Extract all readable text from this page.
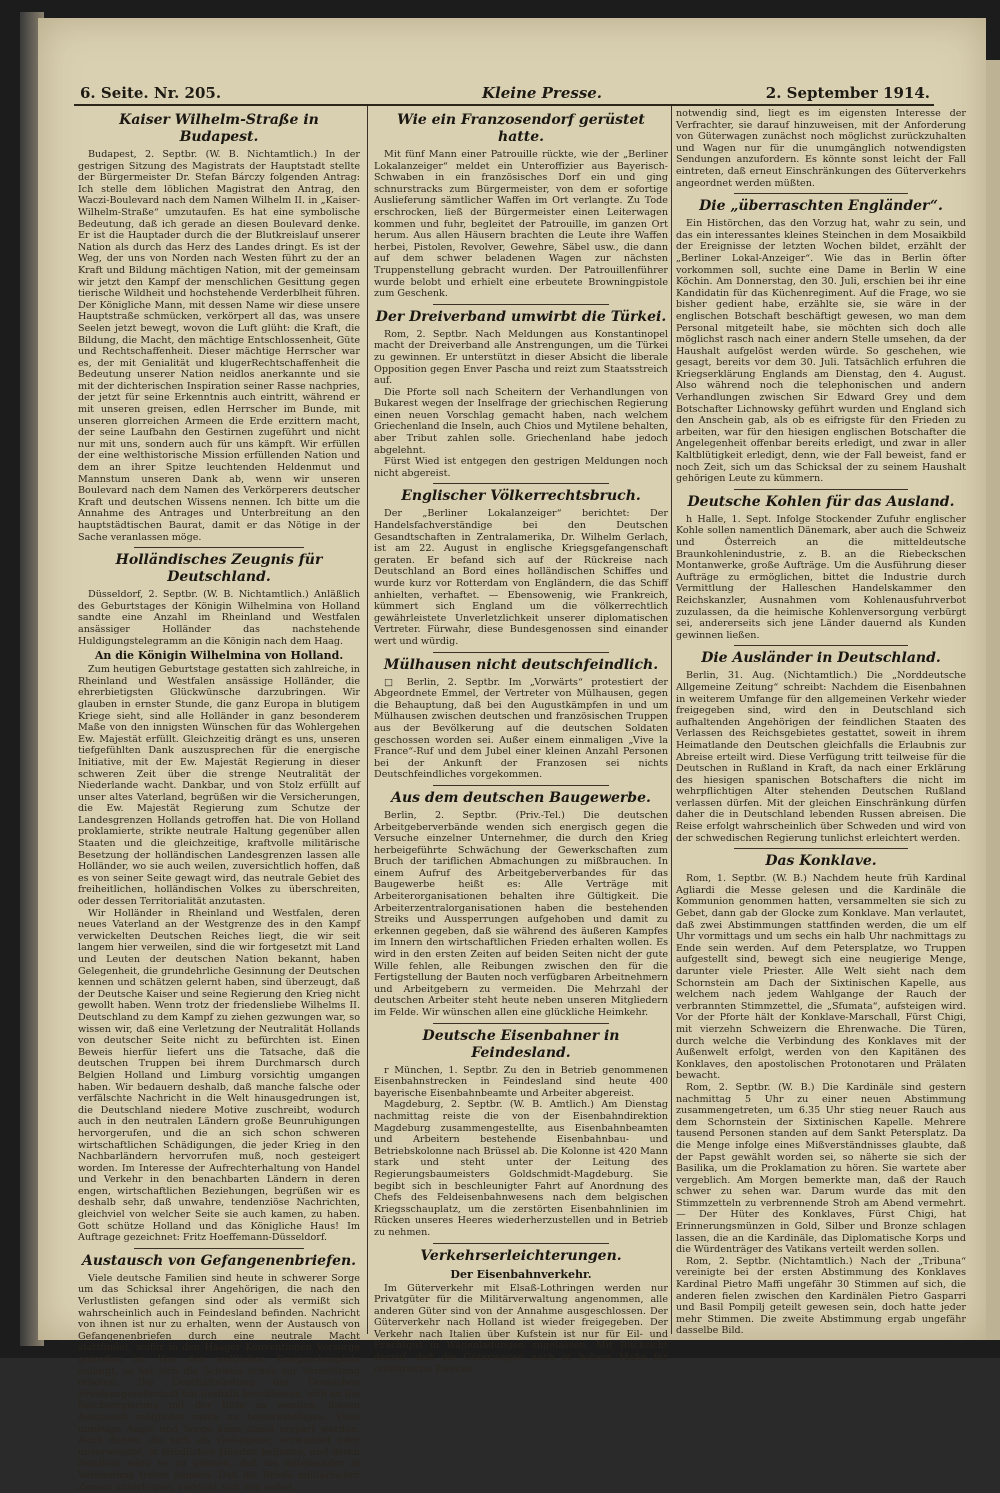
6. Seite. Nr. 205.	Kleine Presse.	2. September 1914.
Kaiser Wilhelm-Straße in Budapest.

Budapest, 2. Septbr. (W. B. Nichtamtlich.) In der gestrigen Sitzung des Magistrats der Hauptstadt stellte der Bürgermeister Dr. Stefan Bárczy folgenden Antrag: Ich stelle dem löblichen Magistrat den Antrag, den Waczi-Boulevard nach dem Namen Wilhelm II. in „Kaiser-Wilhelm-Straße“ umzutaufen. Es hat eine symbolische Bedeutung, daß ich gerade an diesen Boulevard denke. Er ist die Hauptader durch die der Blutkreislauf unserer Nation als durch das Herz des Landes dringt. Es ist der Weg, der uns von Norden nach Westen führt zu der an Kraft und Bildung mächtigen Nation, mit der gemeinsam wir jetzt den Kampf der menschlichen Gesittung gegen tierische Wildheit und hochstehende Verderblheit führen. Der Königliche Mann, mit dessen Name wir diese unsere Hauptstraße schmücken, verkörpert all das, was unsere Seelen jetzt bewegt, wovon die Luft glüht: die Kraft, die Bildung, die Macht, den mächtige Entschlossenheit, Güte und Rechtschaffenheit. Dieser mächtige Herrscher war es, der mit Genialität und klugerRechtschaffenheit die Bedeutung unserer Nation neidlos anerkannte und sie mit der dichterischen Inspiration seiner Rasse nachpries, der jetzt für seine Erkenntnis auch eintritt, während er mit unseren greisen, edlen Herrscher im Bunde, mit unseren glorreichen Armeen die Erde erzittern macht, der seine Laufbahn den Gestirnen zugeführt und nicht nur mit uns, sondern auch für uns kämpft. Wir erfüllen der eine welthistorische Mission erfüllenden Nation und dem an ihrer Spitze leuchtenden Heldenmut und Mannstum unseren Dank ab, wenn wir unseren Boulevard nach dem Namen des Verkörperers deutscher Kraft und deutschen Wissens nennen. Ich bitte um die Annahme des Antrages und Unterbreitung an den hauptstädtischen Baurat, damit er das Nötige in der Sache veranlassen möge.

Holländisches Zeugnis für Deutschland.

Düsseldorf, 2. Septbr. (W. B. Nichtamtlich.) Anläßlich des Geburtstages der Königin Wilhelmina von Holland sandte eine Anzahl im Rheinland und Westfalen ansässiger Holländer das nachstehende Huldigungstelegramm an die Königin nach dem Haag.

An die Königin Wilhelmina von Holland.

Zum heutigen Geburtstage gestatten sich zahlreiche, in Rheinland und Westfalen ansässige Holländer, die ehrerbietigsten Glückwünsche darzubringen. Wir glauben in ernster Stunde, die ganz Europa in blutigem Kriege sieht, sind alle Holländer in ganz besonderem Maße von den innigsten Wünschen für das Wohlergehen Ew. Majestät erfüllt. Gleichzeitig drängt es uns, unseren tiefgefühlten Dank auszusprechen für die energische Initiative, mit der Ew. Majestät Regierung in dieser schweren Zeit über die strenge Neutralität der Niederlande wacht. Dankbar, und von Stolz erfüllt auf unser altes Vaterland, begrüßen wir die Versicherungen, die Ew. Majestät Regierung zum Schutze der Landesgrenzen Hollands getroffen hat. Die von Holland proklamierte, strikte neutrale Haltung gegenüber allen Staaten und die gleichzeitige, kraftvolle militärische Besetzung der holländischen Landesgrenzen lassen alle Holländer, wo sie auch weilen, zuversichtlich hoffen, daß es von seiner Seite gewagt wird, das neutrale Gebiet des freiheitlichen, holländischen Volkes zu überschreiten, oder dessen Territorialität anzutasten.

Wir Holländer in Rheinland und Westfalen, deren neues Vaterland an der Westgrenze des in den Kampf verwickelten Deutschen Reiches liegt, die wir seit langem hier verweilen, sind die wir fortgesetzt mit Land und Leuten der deutschen Nation bekannt, haben Gelegenheit, die grundehrliche Gesinnung der Deutschen kennen und schätzen gelernt haben, sind überzeugt, daß der Deutsche Kaiser und seine Regierung den Krieg nicht gewollt haben. Wenn trotz der friedensliebe Wilhelms II. Deutschland zu dem Kampf zu ziehen gezwungen war, so wissen wir, daß eine Verletzung der Neutralität Hollands von deutscher Seite nicht zu befürchten ist. Einen Beweis hierfür liefert uns die Tatsache, daß die deutschen Truppen bei ihrem Durchmarsch durch Belgien Holland und Limburg vorsichtig umgangen haben. Wir bedauern deshalb, daß manche falsche oder verfälschte Nachricht in die Welt hinausgedrungen ist, die Deutschland niedere Motive zuschreibt, wodurch auch in den neutralen Ländern große Beunruhigungen hervorgerufen, und die an sich schon schweren wirtschaftlichen Schädigungen, die jeder Krieg in den Nachbarländern hervorrufen muß, noch gesteigert worden. Im Interesse der Aufrechterhaltung von Handel und Verkehr in den benachbarten Ländern in deren engen, wirtschaftlichen Beziehungen, begrüßen wir es deshalb sehr, daß unwahre, tendenziöse Nachrichten, gleichviel von welcher Seite sie auch kamen, zu haben. Gott schütze Holland und das Königliche Haus! Im Auftrage gezeichnet: Fritz Hoeffemann-Düsseldorf.

Austausch von Gefangenenbriefen.

Viele deutsche Familien sind heute in schwerer Sorge um das Schicksal ihrer Angehörigen, die nach den Verlustlisten gefangen sind oder als vermißt sich wahrscheinlich auch in Feindesland befinden. Nachricht von ihnen ist nur zu erhalten, wenn der Austausch von Gefangenenbriefen durch eine neutrale Macht stattfindet, wofür in den Haager Konventionen Vorsorge getroffen ist. Was den weltlichen Kriegsschauplatz anlangt, so hat sich die Schweiz schon zur Vermittlung erboten. Die Geschäftsleitung der Deutschen Friedensgesellschaft hat deshalb beschlossen, sich an die Reichsregierung mit der Bitte zu wenden, diesen Austausch möglichst rasch zu bewerkstelligen. Viele unnötige Angst und Sorge kann damit erspart werden. Auch denen, die sich als Gefangene, verwundet oder unverwundet, in feindlichen Händen befinden, und deren Familien wäre es zu gönnen, daß sie miteinander in Verbindung treten können. Daß die Briefe militärischer Zensur unterliegen, versteht sich von selbst.

Wie ein Franzosendorf gerüstet hatte.

Mit fünf Mann einer Patrouille rückte, wie der „Berliner Lokalanzeiger“ meldet ein Unteroffizier aus Bayerisch-Schwaben in ein französisches Dorf ein und ging schnurstracks zum Bürgermeister, von dem er sofortige Auslieferung sämtlicher Waffen im Ort verlangte. Zu Tode erschrocken, ließ der Bürgermeister einen Leiterwagen kommen und fuhr, begleitet der Patrouille, im ganzen Ort herum. Aus allen Häusern brachten die Leute ihre Waffen herbei, Pistolen, Revolver, Gewehre, Säbel usw., die dann auf dem schwer beladenen Wagen zur nächsten Truppenstellung gebracht wurden. Der Patrouillenführer wurde belobt und erhielt eine erbeutete Browningpistole zum Geschenk.

Der Dreiverband umwirbt die Türkei.

Rom, 2. Septbr. Nach Meldungen aus Konstantinopel macht der Dreiverband alle Anstrengungen, um die Türkei zu gewinnen. Er unterstützt in dieser Absicht die liberale Opposition gegen Enver Pascha und reizt zum Staatsstreich auf.

Die Pforte soll nach Scheitern der Verhandlungen von Bukarest wegen der Inselfrage der griechischen Regierung einen neuen Vorschlag gemacht haben, nach welchem Griechenland die Inseln, auch Chios und Mytilene behalten, aber Tribut zahlen solle. Griechenland habe jedoch abgelehnt.

Fürst Wied ist entgegen den gestrigen Meldungen noch nicht abgereist.

Englischer Völkerrechtsbruch.

Der „Berliner Lokalanzeiger“ berichtet: Der Handelsfachverständige bei den Deutschen Gesandtschaften in Zentralamerika, Dr. Wilhelm Gerlach, ist am 22. August in englische Kriegsgefangenschaft geraten. Er befand sich auf der Rückreise nach Deutschland an Bord eines holländischen Schiffes und wurde kurz vor Rotterdam von Engländern, die das Schiff anhielten, verhaftet. — Ebensowenig, wie Frankreich, kümmert sich England um die völkerrechtlich gewährleistete Unverletzlichkeit unserer diplomatischen Vertreter. Fürwahr, diese Bundesgenossen sind einander wert und würdig.

Mülhausen nicht deutschfeindlich.

□ Berlin, 2. Septbr. Im „Vorwärts“ protestiert der Abgeordnete Emmel, der Vertreter von Mülhausen, gegen die Behauptung, daß bei den Augustkämpfen in und um Mülhausen zwischen deutschen und französischen Truppen aus der Bevölkerung auf die deutschen Soldaten geschossen worden sei. Außer einem einmaligen „Vive la France“-Ruf und dem Jubel einer kleinen Anzahl Personen bei der Ankunft der Franzosen sei nichts Deutschfeindliches vorgekommen.

Aus dem deutschen Baugewerbe.

Berlin, 2. Septbr. (Priv.-Tel.) Die deutschen Arbeitgeberverbände wenden sich energisch gegen die Versuche einzelner Unternehmer, die durch den Krieg herbeigeführte Schwächung der Gewerkschaften zum Bruch der tariflichen Abmachungen zu mißbrauchen. In einem Aufruf des Arbeitgeberverbandes für das Baugewerbe heißt es: Alle Verträge mit Arbeiterorganisationen behalten ihre Gültigkeit. Die Arbeiterzentralorganisationen haben die bestehenden Streiks und Aussperrungen aufgehoben und damit zu erkennen gegeben, daß sie während des äußeren Kampfes im Innern den wirtschaftlichen Frieden erhalten wollen. Es wird in den ersten Zeiten auf beiden Seiten nicht der gute Wille fehlen, alle Reibungen zwischen den für die Fertigstellung der Bauten noch verfügbaren Arbeitnehmern und Arbeitgebern zu vermeiden. Die Mehrzahl der deutschen Arbeiter steht heute neben unseren Mitgliedern im Felde. Wir wünschen allen eine glückliche Heimkehr.

Deutsche Eisenbahner in Feindesland.

r München, 1. Septbr. Zu den in Betrieb genommenen Eisenbahnstrecken in Feindesland sind heute 400 bayerische Eisenbahnbeamte und Arbeiter abgereist.

Magdeburg, 2. Septbr. (W. B. Amtlich.) Am Dienstag nachmittag reiste die von der Eisenbahndirektion Magdeburg zusammengestellte, aus Eisenbahnbeamten und Arbeitern bestehende Eisenbahnbau- und Betriebskolonne nach Brüssel ab. Die Kolonne ist 420 Mann stark und steht unter der Leitung des Regierungsbaumeisters Goldschmidt-Magdeburg. Sie begibt sich in beschleunigter Fahrt auf Anordnung des Chefs des Feldeisenbahnwesens nach dem belgischen Kriegsschauplatz, um die zerstörten Eisenbahnlinien im Rücken unseres Heeres wiederherzustellen und in Betrieb zu nehmen.

Verkehrserleichterungen.
Der Eisenbahnverkehr.

Im Güterverkehr mit Elsaß-Lothringen werden nur Privatgüter für die Militärverwaltung angenommen, alle anderen Güter sind von der Annahme ausgeschlossen. Der Güterverkehr nach Holland ist wieder freigegeben. Der Verkehr nach Italien über Kufstein ist nur für Eil- und Frachtgut in Wagenladungen zugelassen. Mit Rücksicht darauf, daß die Güterwagen noch in hohem Maße für militärische Zwecke

notwendig sind, liegt es im eigensten Interesse der Verfrachter, sie darauf hinzuweisen, mit der Anforderung von Güterwagen zunächst noch möglichst zurückzuhalten und Wagen nur für die unumgänglich notwendigsten Sendungen anzufordern. Es könnte sonst leicht der Fall eintreten, daß erneut Einschränkungen des Güterverkehrs angeordnet werden müßten.

Die „überraschten Engländer“.

Ein Histörchen, das den Vorzug hat, wahr zu sein, und das ein interessantes kleines Steinchen in dem Mosaikbild der Ereignisse der letzten Wochen bildet, erzählt der „Berliner Lokal-Anzeiger“. Wie das in Berlin öfter vorkommen soll, suchte eine Dame in Berlin W eine Köchin. Am Donnerstag, den 30. Juli, erschien bei ihr eine Kandidatin für das Küchenregiment. Auf die Frage, wo sie bisher gedient habe, erzählte sie, sie wäre in der englischen Botschaft beschäftigt gewesen, wo man dem Personal mitgeteilt habe, sie möchten sich doch alle möglichst rasch nach einer andern Stelle umsehen, da der Haushalt aufgelöst werden würde. So geschehen, wie gesagt, bereits vor dem 30. Juli. Tatsächlich erfuhren die Kriegserklärung Englands am Dienstag, den 4. August. Also während noch die telephonischen und andern Verhandlungen zwischen Sir Edward Grey und dem Botschafter Lichnowsky geführt wurden und England sich den Anschein gab, als ob es eifrigste für den Frieden zu arbeiten, war für den hiesigen englischen Botschafter die Angelegenheit offenbar bereits erledigt, und zwar in aller Kaltblütigkeit erledigt, denn, wie der Fall beweist, fand er noch Zeit, sich um das Schicksal der zu seinem Haushalt gehörigen Leute zu kümmern.

Deutsche Kohlen für das Ausland.

h Halle, 1. Sept. Infolge Stockender Zufuhr englischer Kohle sollen namentlich Dänemark, aber auch die Schweiz und Österreich an die mitteldeutsche Braunkohlenindustrie, z. B. an die Riebeckschen Montanwerke, große Aufträge. Um die Ausführung dieser Aufträge zu ermöglichen, bittet die Industrie durch Vermittlung der Halleschen Handelskammer den Reichskanzler, Ausnahmen vom Kohlenausfuhrverbot zuzulassen, da die heimische Kohlenversorgung verbürgt sei, andererseits sich jene Länder dauernd als Kunden gewinnen ließen.

Die Ausländer in Deutschland.

Berlin, 31. Aug. (Nichtamtlich.) Die „Norddeutsche Allgemeine Zeitung“ schreibt: Nachdem die Eisenbahnen in weiterem Umfange für den allgemeinen Verkehr wieder freigegeben sind, wird den in Deutschland sich aufhaltenden Angehörigen der feindlichen Staaten des Verlassen des Reichsgebietes gestattet, soweit in ihrem Heimatlande den Deutschen gleichfalls die Erlaubnis zur Abreise erteilt wird. Diese Verfügung tritt teilweise für die Deutschen in Rußland in Kraft, da nach einer Erklärung des hiesigen spanischen Botschafters die nicht im wehrpflichtigen Alter stehenden Deutschen Rußland verlassen dürfen. Mit der gleichen Einschränkung dürfen daher die in Deutschland lebenden Russen abreisen. Die Reise erfolgt wahrscheinlich über Schweden und wird von der schwedischen Regierung tunlichst erleichtert werden.

Das Konklave.

Rom, 1. Septbr. (W. B.) Nachdem heute früh Kardinal Agliardi die Messe gelesen und die Kardinäle die Kommunion genommen hatten, versammelten sie sich zu Gebet, dann gab der Glocke zum Konklave. Man verlautet, daß zwei Abstimmungen stattfinden werden, die um elf Uhr vormittags und um sechs ein halb Uhr nachmittags zu Ende sein werden. Auf dem Petersplatze, wo Truppen aufgestellt sind, bewegt sich eine neugierige Menge, darunter viele Priester. Alle Welt sieht nach dem Schornstein am Dach der Sixtinischen Kapelle, aus welchem nach jedem Wahlgange der Rauch der verbrannten Stimmzettel, die „Sfumata“, aufsteigen wird. Vor der Pforte hält der Konklave-Marschall, Fürst Chigi, mit vierzehn Schweizern die Ehrenwache. Die Türen, durch welche die Verbindung des Konklaves mit der Außenwelt erfolgt, werden von den Kapitänen des Konklaves, den apostolischen Protonotaren und Prälaten bewacht.

Rom, 2. Septbr. (W. B.) Die Kardinäle sind gestern nachmittag 5 Uhr zu einer neuen Abstimmung zusammengetreten, um 6.35 Uhr stieg neuer Rauch aus dem Schornstein der Sixtinischen Kapelle. Mehrere tausend Personen standen auf dem Sankt Petersplatz. Da die Menge infolge eines Mißverständnisses glaubte, daß der Papst gewählt worden sei, so näherte sie sich der Basilika, um die Proklamation zu hören. Sie wartete aber vergeblich. Am Morgen bemerkte man, daß der Rauch schwer zu sehen war. Darum wurde das mit den Stimmzetteln zu verbrennende Stroh am Abend vermehrt. — Der Hüter des Konklaves, Fürst Chigi, hat Erinnerungsmünzen in Gold, Silber und Bronze schlagen lassen, die an die Kardinäle, das Diplomatische Korps und die Würdenträger des Vatikans verteilt werden sollen.

Rom, 2. Septbr. (Nichtamtlich.) Nach der „Tribuna“ vereinigte bei der ersten Abstimmung des Konklaves Kardinal Pietro Maffi ungefähr 30 Stimmen auf sich, die anderen fielen zwischen den Kardinälen Pietro Gasparri und Basil Pompilj geteilt gewesen sein, doch hatte jeder mehr Stimmen. Die zweite Abstimmung ergab ungefähr dasselbe Bild.
